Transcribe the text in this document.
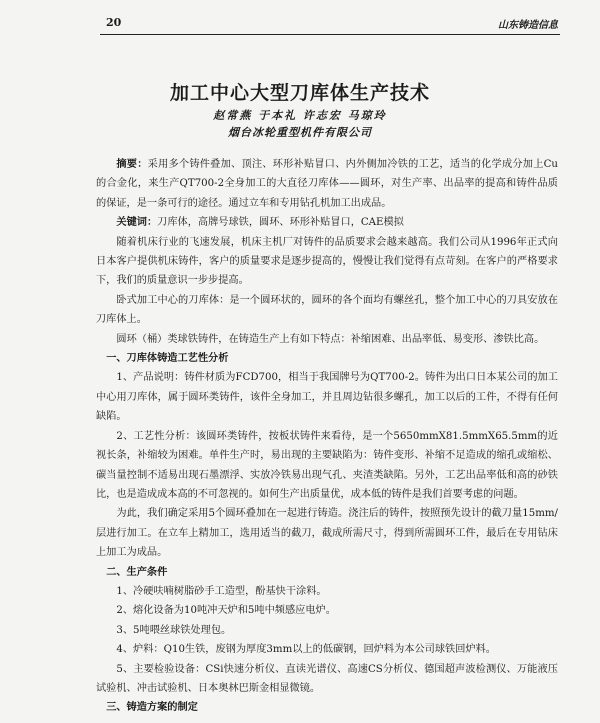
20	山东铸造信息
加工中心大型刀库体生产技术
赵常燕 于本礼 许志宏 马琼玲
烟台冰轮重型机件有限公司

摘要：采用多个铸件叠加、顶注、环形补贴冒口、内外侧加冷铁的工艺，适当的化学成分加上Cu的合金化，来生产QT700-2全身加工的大直径刀库体——圆环，对生产率、出品率的提高和铸件品质的保证，是一条可行的途径。通过立车和专用钻孔机加工出成品。

关键词：刀库体，高牌号球铁，圆环、环形补贴冒口，CAE模拟

随着机床行业的飞速发展，机床主机厂对铸件的品质要求会越来越高。我们公司从1996年正式向日本客户提供机床铸件，客户的质量要求是逐步提高的，慢慢让我们觉得有点苛刻。在客户的严格要求下，我们的质量意识一步步提高。

卧式加工中心的刀库体：是一个圆环状的，圆环的各个面均有螺丝孔，整个加工中心的刀具安放在刀库体上。

圆环（桶）类球铁铸件，在铸造生产上有如下特点：补缩困难、出品率低、易变形、渗铁比高。

一、刀库体铸造工艺性分析

1、产品说明：铸件材质为FCD700，相当于我国牌号为QT700-2。铸件为出口日本某公司的加工中心用刀库体，属于圆环类铸件，该件全身加工，并且周边钻很多螺孔，加工以后的工件，不得有任何缺陷。

2、工艺性分析：该圆环类铸件，按板状铸件来看待，是一个5650mmX81.5mmX65.5mm的近视长条，补缩较为困难。单件生产时，易出现的主要缺陷为：铸件变形、补缩不足造成的缩孔或缩松、碳当量控制不适易出现石墨漂浮、实放冷铁易出现气孔、夹渣类缺陷。另外，工艺出品率低和高的砂铁比，也是造成成本高的不可忽视的。如何生产出质量优，成本低的铸件是我们首要考虑的问题。

为此，我们确定采用5个圆环叠加在一起进行铸造。浇注后的铸件，按照预先设计的截刀量15mm/层进行加工。在立车上精加工，选用适当的截刀，截成所需尺寸，得到所需圆环工件，最后在专用钻床上加工为成品。

二、生产条件

1、冷硬呋喃树脂砂手工造型，酚基快干涂料。

2、熔化设备为10吨冲天炉和5吨中频感应电炉。

3、5吨喂丝球铁处理包。

4、炉料：Q10生铁，废钢为厚度3mm以上的低碳钢，回炉料为本公司球铁回炉料。

5、主要检验设备：CSi快速分析仪、直读光谱仪、高速CS分析仪、德国超声波检测仪、万能液压试验机、冲击试验机、日本奥林巴斯金相显微镜。

三、铸造方案的制定
